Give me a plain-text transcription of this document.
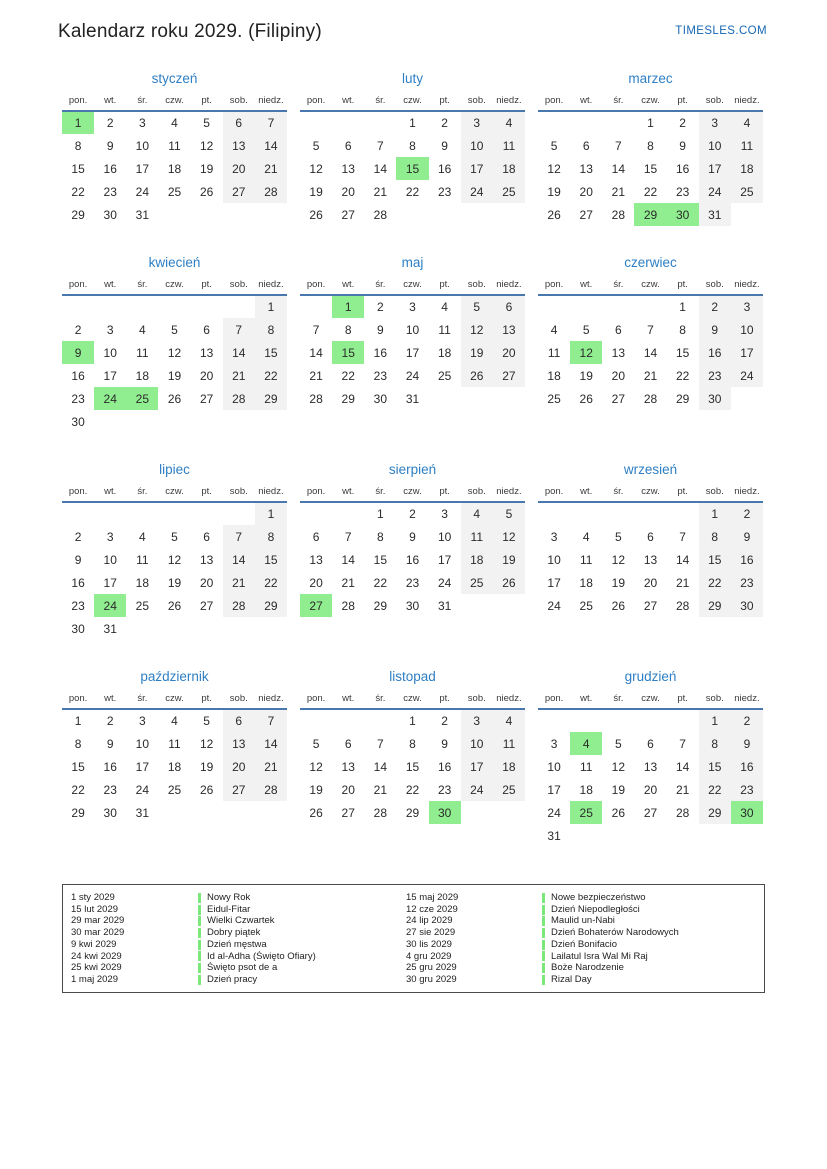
Kalendarz roku 2029. (Filipiny)	TIMESLES.COM
styczeń
pon.	wt.	śr.	czw.	pt.	sob.	niedz.
1	2	3	4	5	6	7
8	9	10	11	12	13	14
15	16	17	18	19	20	21
22	23	24	25	26	27	28
29	30	31				
luty
pon.	wt.	śr.	czw.	pt.	sob.	niedz.
			1	2	3	4
5	6	7	8	9	10	11
12	13	14	15	16	17	18
19	20	21	22	23	24	25
26	27	28				
marzec
pon.	wt.	śr.	czw.	pt.	sob.	niedz.
			1	2	3	4
5	6	7	8	9	10	11
12	13	14	15	16	17	18
19	20	21	22	23	24	25
26	27	28	29	30	31	
kwiecień
pon.	wt.	śr.	czw.	pt.	sob.	niedz.
						1
2	3	4	5	6	7	8
9	10	11	12	13	14	15
16	17	18	19	20	21	22
23	24	25	26	27	28	29
30						
maj
pon.	wt.	śr.	czw.	pt.	sob.	niedz.
	1	2	3	4	5	6
7	8	9	10	11	12	13
14	15	16	17	18	19	20
21	22	23	24	25	26	27
28	29	30	31			
czerwiec
pon.	wt.	śr.	czw.	pt.	sob.	niedz.
				1	2	3
4	5	6	7	8	9	10
11	12	13	14	15	16	17
18	19	20	21	22	23	24
25	26	27	28	29	30	
lipiec
pon.	wt.	śr.	czw.	pt.	sob.	niedz.
						1
2	3	4	5	6	7	8
9	10	11	12	13	14	15
16	17	18	19	20	21	22
23	24	25	26	27	28	29
30	31					
sierpień
pon.	wt.	śr.	czw.	pt.	sob.	niedz.
		1	2	3	4	5
6	7	8	9	10	11	12
13	14	15	16	17	18	19
20	21	22	23	24	25	26
27	28	29	30	31		
wrzesień
pon.	wt.	śr.	czw.	pt.	sob.	niedz.
					1	2
3	4	5	6	7	8	9
10	11	12	13	14	15	16
17	18	19	20	21	22	23
24	25	26	27	28	29	30
październik
pon.	wt.	śr.	czw.	pt.	sob.	niedz.
1	2	3	4	5	6	7
8	9	10	11	12	13	14
15	16	17	18	19	20	21
22	23	24	25	26	27	28
29	30	31				
listopad
pon.	wt.	śr.	czw.	pt.	sob.	niedz.
			1	2	3	4
5	6	7	8	9	10	11
12	13	14	15	16	17	18
19	20	21	22	23	24	25
26	27	28	29	30		
grudzień
pon.	wt.	śr.	czw.	pt.	sob.	niedz.
					1	2
3	4	5	6	7	8	9
10	11	12	13	14	15	16
17	18	19	20	21	22	23
24	25	26	27	28	29	30
31						
1 sty 2029	Nowy Rok
15 lut 2029	Eidul-Fitar
29 mar 2029	Wielki Czwartek
30 mar 2029	Dobry piątek
9 kwi 2029	Dzień męstwa
24 kwi 2029	Id al-Adha (Święto Ofiary)
25 kwi 2029	Święto psot de a
1 maj 2029	Dzień pracy
15 maj 2029	Nowe bezpieczeństwo
12 cze 2029	Dzień Niepodległości
24 lip 2029	Maulid un-Nabi
27 sie 2029	Dzień Bohaterów Narodowych
30 lis 2029	Dzień Bonifacio
4 gru 2029	Lailatul Isra Wal Mi Raj
25 gru 2029	Boże Narodzenie
30 gru 2029	Rizal Day
